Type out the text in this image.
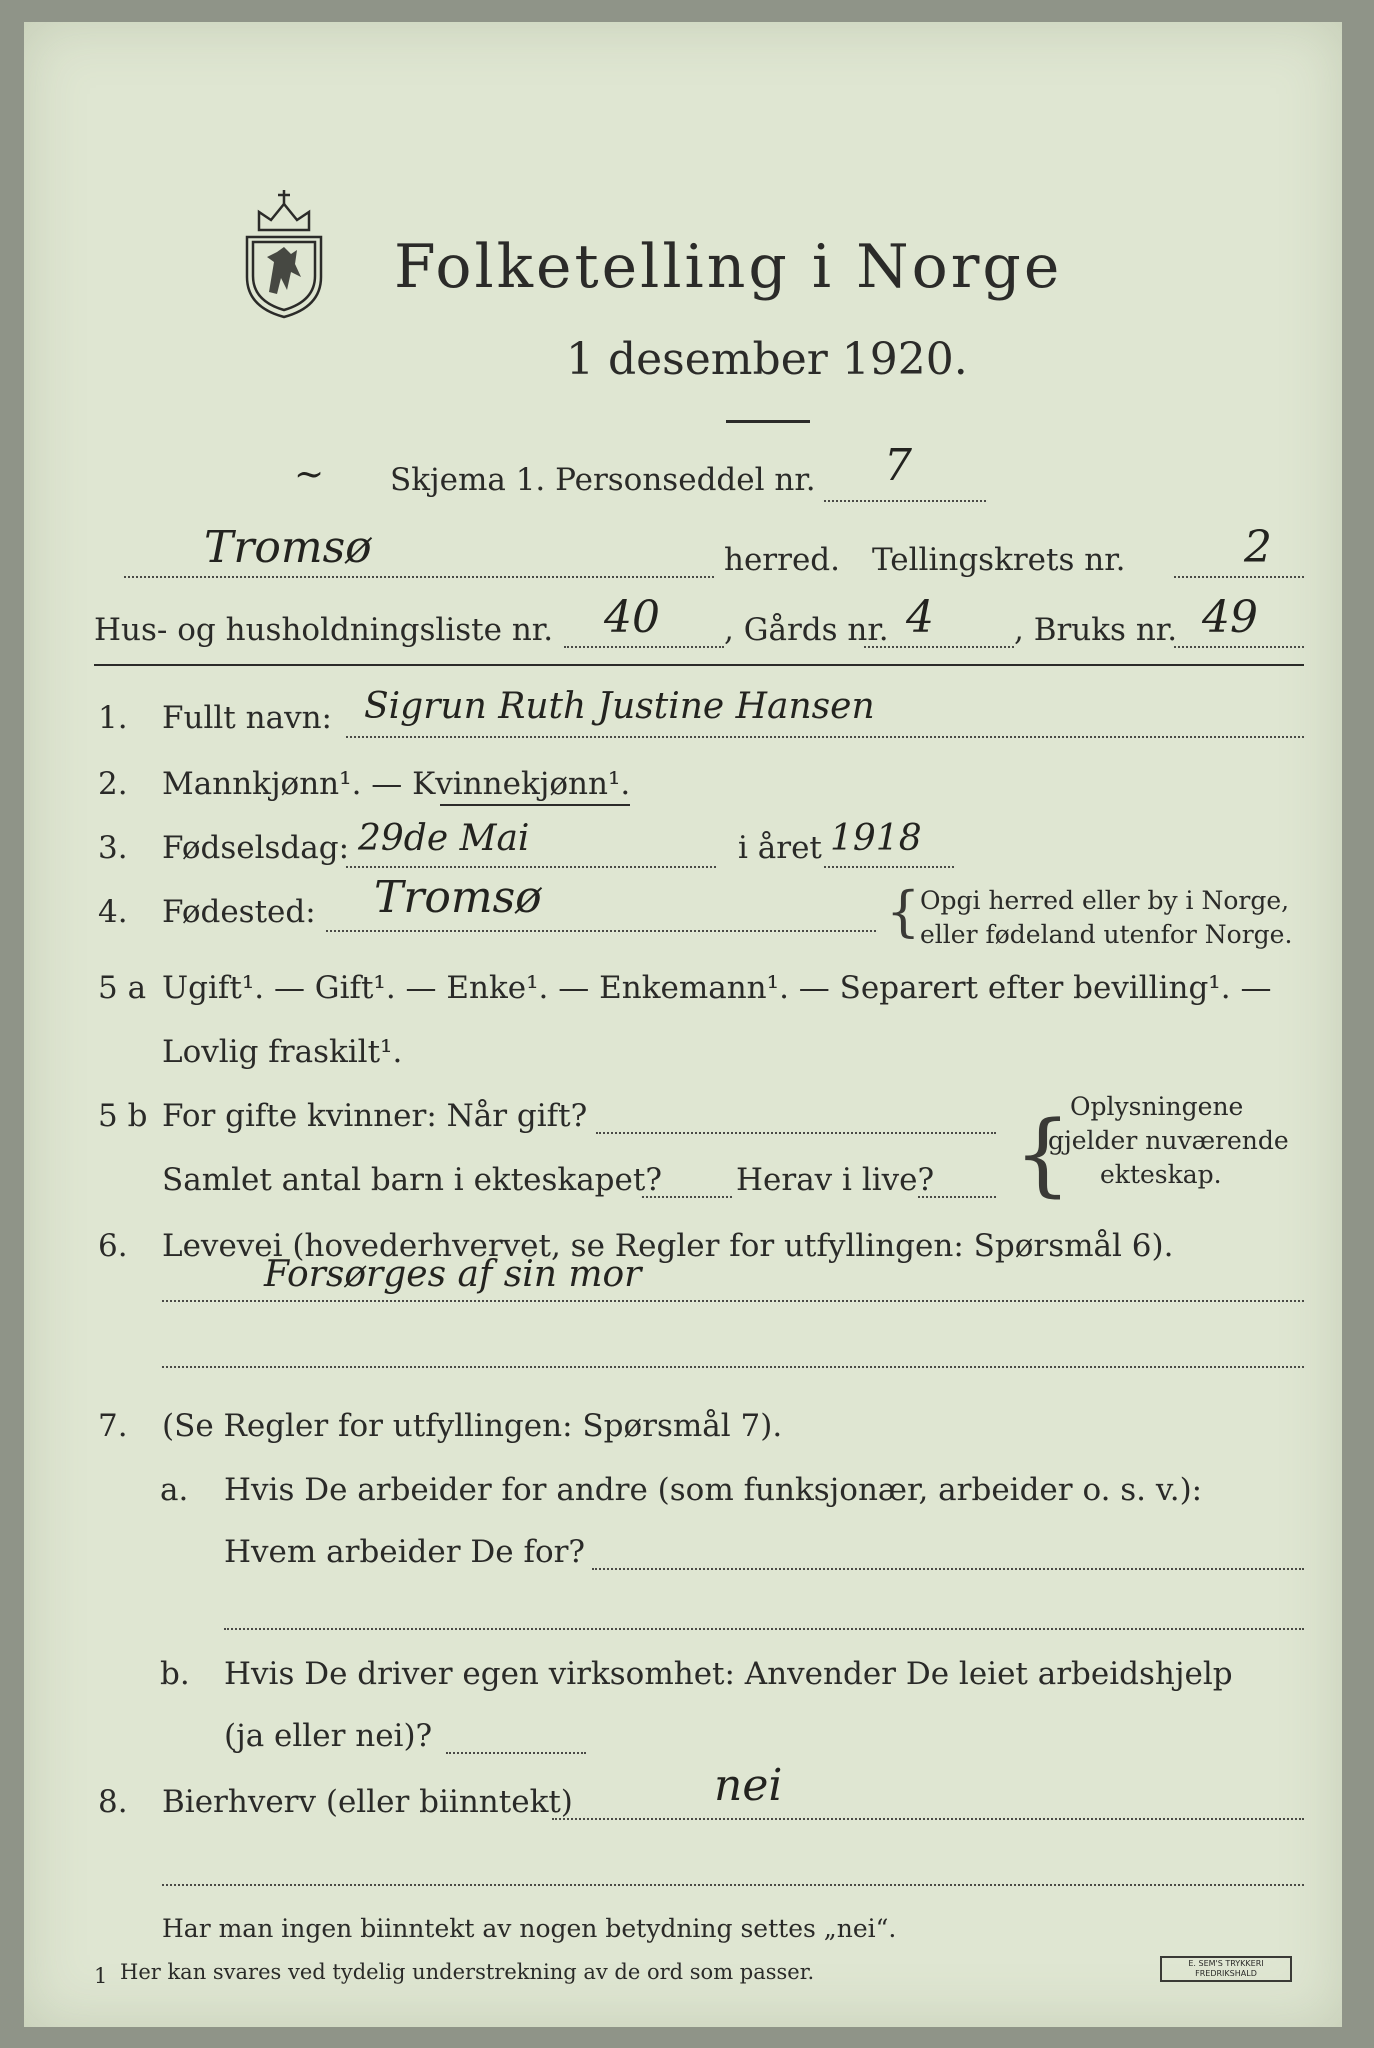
Folketelling i Norge
1 desember 1920.
~ Skjema 1. Personseddel nr. 7
Tromsø	herred. Tellingskrets nr.	2
Hus- og husholdningsliste nr. 40 , Gårds nr. 4	, Bruks nr. 49
1. Fullt navn: Sigrun Ruth Justine Hansen
2. Mannkjønn¹. — Kvinnekjønn¹.
3. Fødselsdag: 29de Mai	i året 1918
4. Fødested: Tromsø	{ Opgi herred eller by i Norge,
eller fødeland utenfor Norge.
5 a Ugift¹. — Gift¹. — Enke¹. — Enkemann¹. — Separert efter bevilling¹. —
Lovlig fraskilt¹.
5 b For gifte kvinner: Når gift?
Samlet antal barn i ekteskapet? Herav i live? {
Oplysningene
gjelder nuværende
ekteskap.
6. Levevei (hovederhvervet, se Regler for utfyllingen: Spørsmål 6).
Forsørges af sin mor
7. (Se Regler for utfyllingen: Spørsmål 7).
a. Hvis De arbeider for andre (som funksjonær, arbeider o. s. v.):
Hvem arbeider De for?
b. Hvis De driver egen virksomhet: Anvender De leiet arbeidshjelp
(ja eller nei)?
8. Bierhverv (eller biinntekt)	nei
Har man ingen biinntekt av nogen betydning settes „nei“.
1 Her kan svares ved tydelig understrekning av de ord som passer.	E. SEM'S TRYKKERI FREDRIKSHALD
